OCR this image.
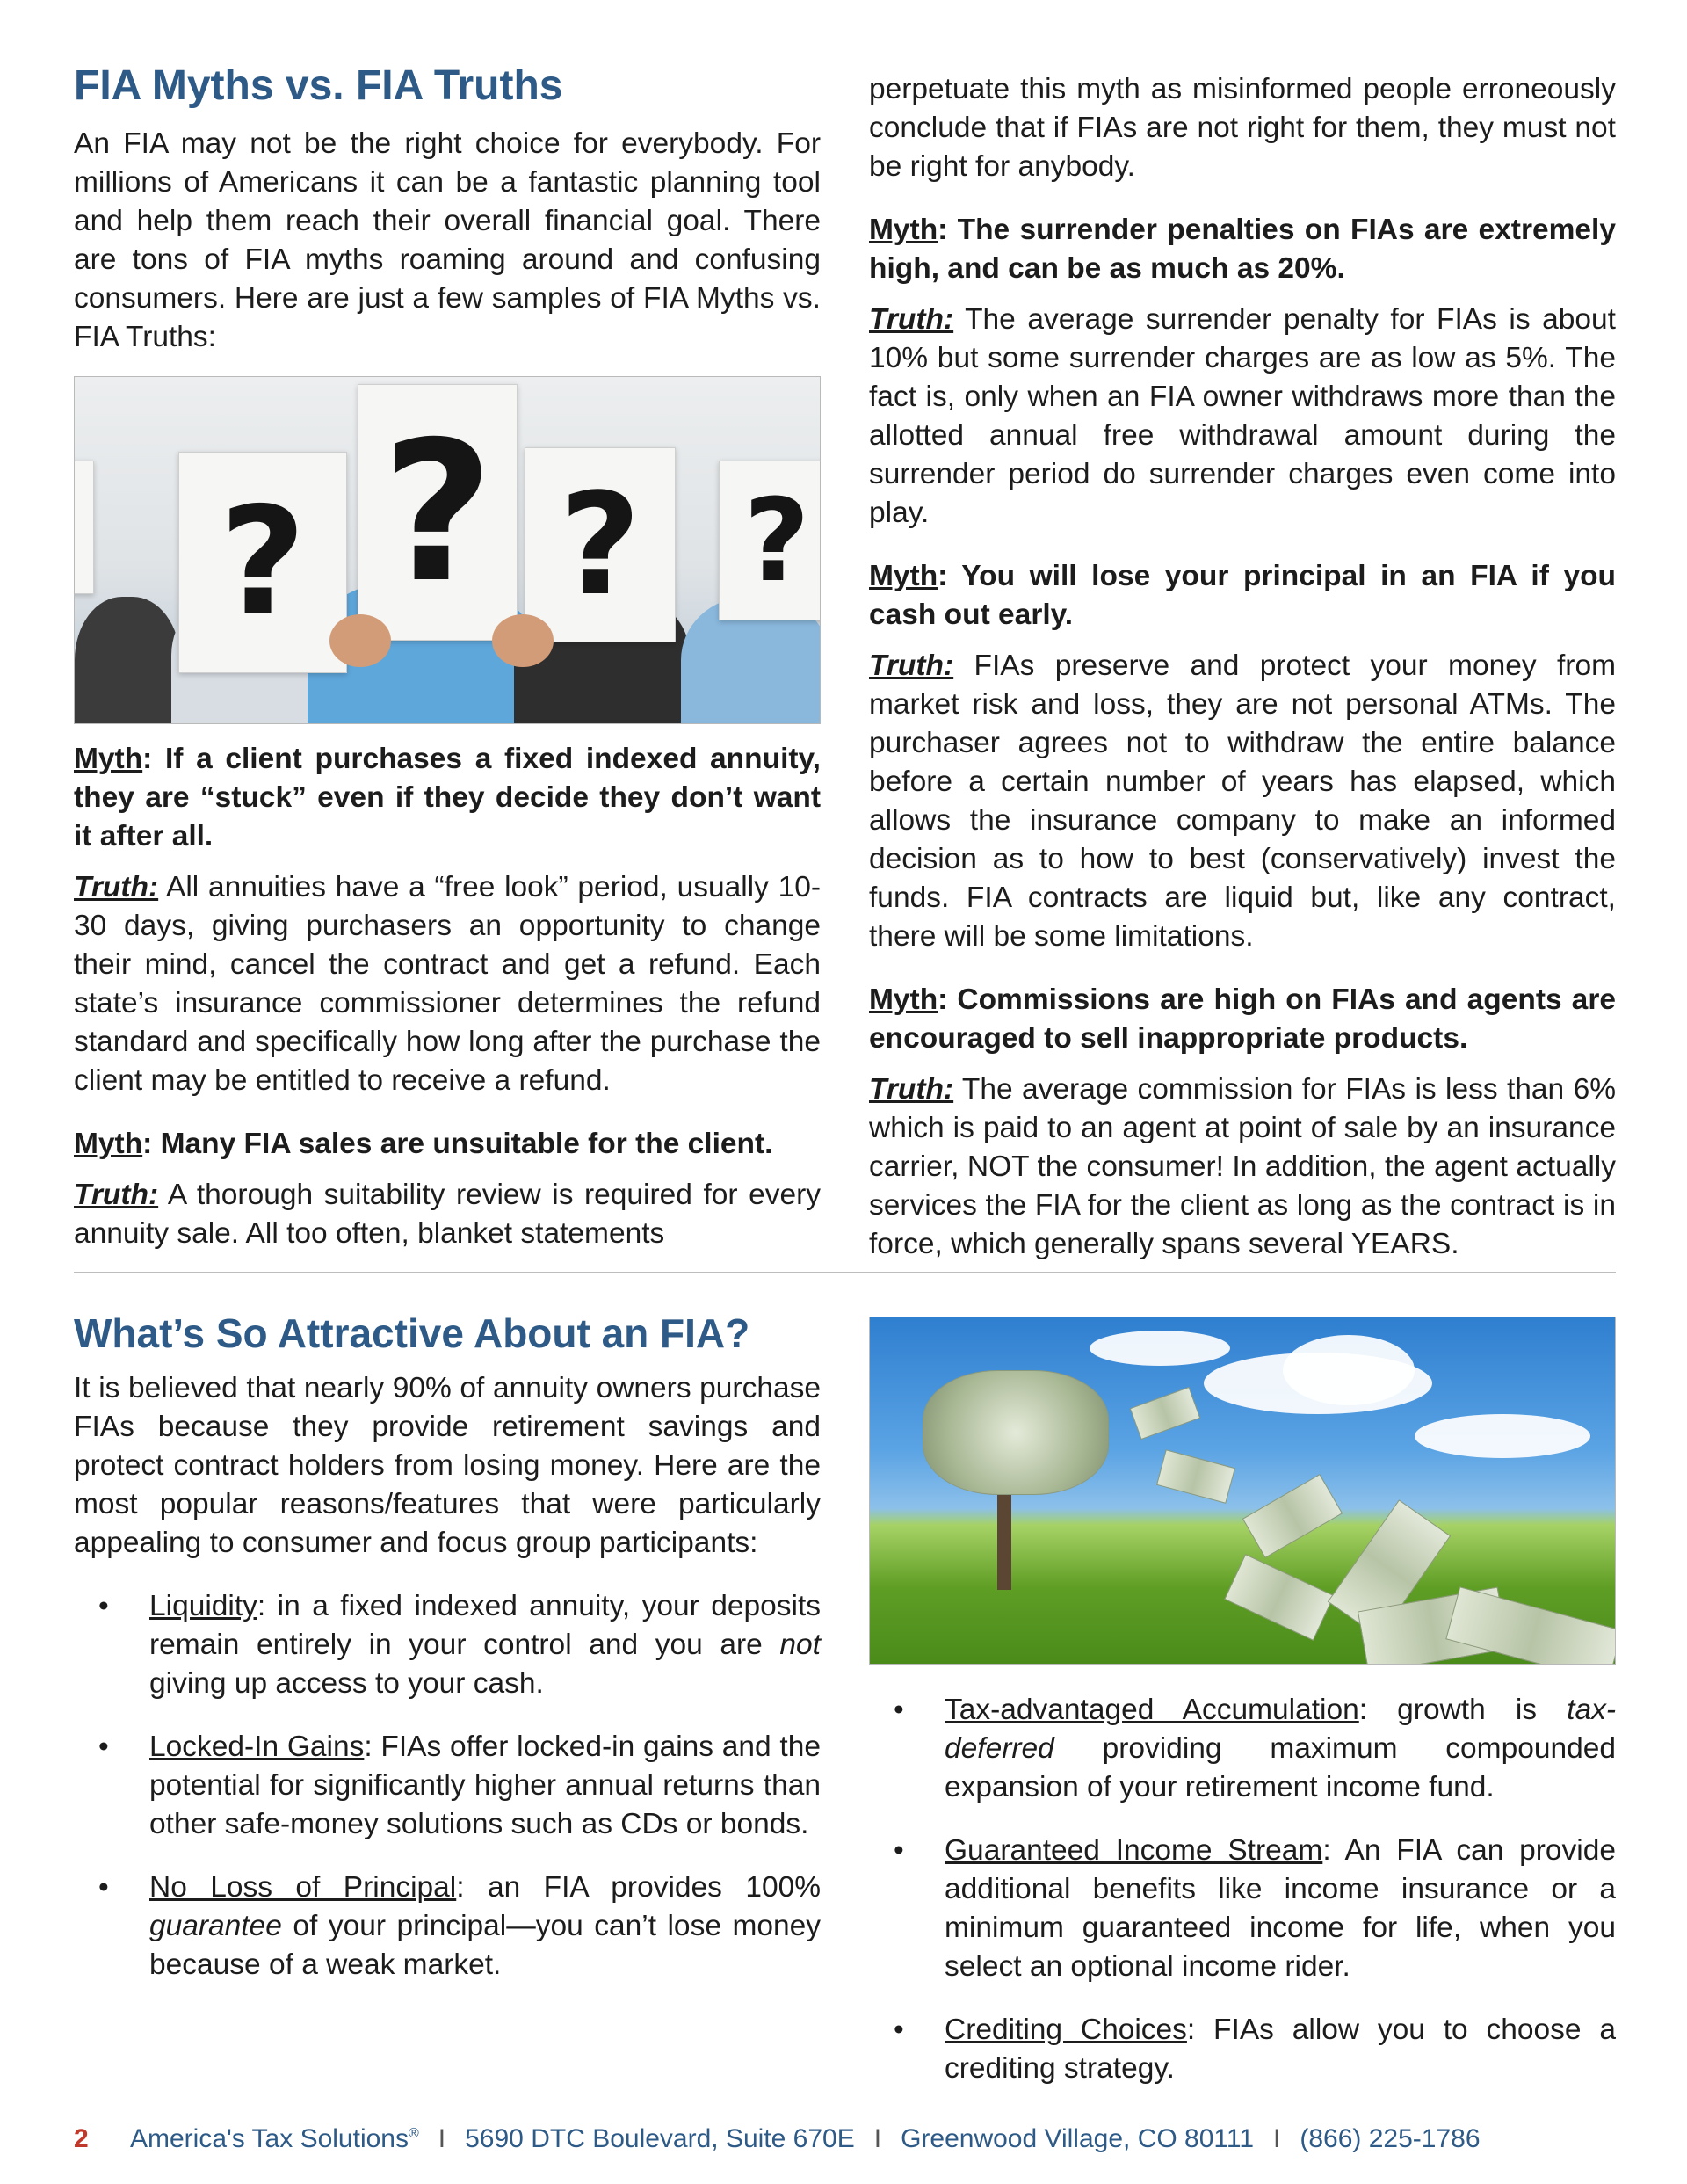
FIA Myths vs. FIA Truths

An FIA may not be the right choice for everybody. For millions of Americans it can be a fantastic planning tool and help them reach their overall financial goal. There are tons of FIA myths roaming around and confusing consumers. Here are just a few samples of FIA Myths vs. FIA Truths:

? ? ? ?

Myth: If a client purchases a fixed indexed annuity, they are “stuck” even if they decide they don’t want it after all.

Truth: All annuities have a “free look” period, usually 10-30 days, giving purchasers an opportunity to change their mind, cancel the contract and get a refund. Each state’s insurance commissioner determines the refund standard and specifically how long after the purchase the client may be entitled to receive a refund.

Myth: Many FIA sales are unsuitable for the client.

Truth: A thorough suitability review is required for every annuity sale. All too often, blanket statements

perpetuate this myth as misinformed people erroneously conclude that if FIAs are not right for them, they must not be right for anybody.

Myth: The surrender penalties on FIAs are extremely high, and can be as much as 20%.

Truth: The average surrender penalty for FIAs is about 10% but some surrender charges are as low as 5%. The fact is, only when an FIA owner withdraws more than the allotted annual free withdrawal amount during the surrender period do surrender charges even come into play.

Myth: You will lose your principal in an FIA if you cash out early.

Truth: FIAs preserve and protect your money from market risk and loss, they are not personal ATMs. The purchaser agrees not to withdraw the entire balance before a certain number of years has elapsed, which allows the insurance company to make an informed decision as to how to best (conservatively) invest the funds. FIA contracts are liquid but, like any contract, there will be some limitations.

Myth: Commissions are high on FIAs and agents are encouraged to sell inappropriate products.

Truth: The average commission for FIAs is less than 6% which is paid to an agent at point of sale by an insurance carrier, NOT the consumer! In addition, the agent actually services the FIA for the client as long as the contract is in force, which generally spans several YEARS.

What’s So Attractive About an FIA?

It is believed that nearly 90% of annuity owners purchase FIAs because they provide retirement savings and protect contract holders from losing money. Here are the most popular reasons/features that were particularly appealing to consumer and focus group participants:

• Liquidity: in a fixed indexed annuity, your deposits remain entirely in your control and you are not giving up access to your cash.
• Locked-In Gains: FIAs offer locked-in gains and the potential for significantly higher annual returns than other safe-money solutions such as CDs or bonds.
• No Loss of Principal: an FIA provides 100% guarantee of your principal—you can’t lose money because of a weak market.
• Tax-advantaged Accumulation: growth is tax-deferred providing maximum compounded expansion of your retirement income fund.
• Guaranteed Income Stream: An FIA can provide additional benefits like income insurance or a minimum guaranteed income for life, when you select an optional income rider.
• Crediting Choices: FIAs allow you to choose a crediting strategy.
2 America's Tax Solutions® I 5690 DTC Boulevard, Suite 670E I Greenwood Village, CO 80111 I (866) 225-1786
